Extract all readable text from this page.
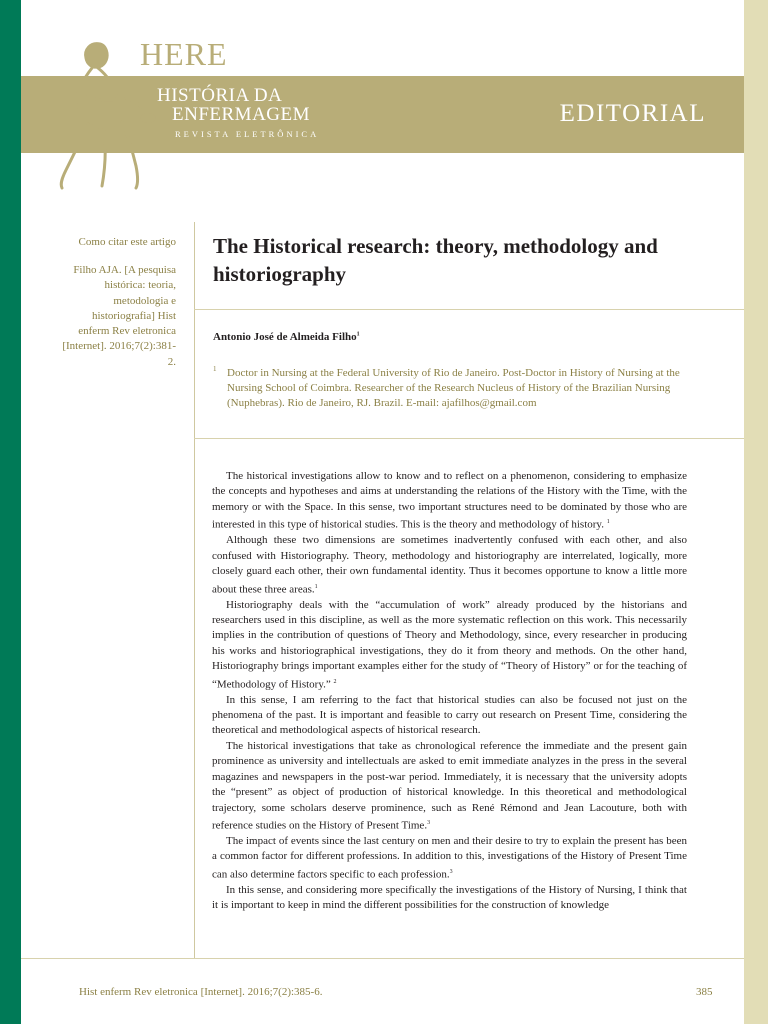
HERE
HISTÓRIA DA
ENFERMAGEM
REVISTA ELETRÔNICA
EDITORIAL
Como citar este artigo
Filho AJA. [A pesquisa histórica: teoria, metodologia e historiografia] Hist enferm Rev eletronica [Internet]. 2016;7(2):381-2.
The Historical research: theory, methodology and historiography
Antonio José de Almeida Filho$^1$
1 Doctor in Nursing at the Federal University of Rio de Janeiro. Post-Doctor in History of Nursing at the Nursing School of Coimbra. Researcher of the Research Nucleus of History of the Brazilian Nursing (Nuphebras). Rio de Janeiro, RJ. Brazil. E-mail: ajafilhos@gmail.com

The historical investigations allow to know and to reflect on a phenomenon, considering to emphasize the concepts and hypotheses and aims at understanding the relations of the History with the Time, with the memory or with the Space. In this sense, two important structures need to be dominated by those who are interested in this type of historical studies. This is the theory and methodology of history. $^1$

Although these two dimensions are sometimes inadvertently confused with each other, and also confused with Historiography. Theory, methodology and historiography are interrelated, logically, more closely guard each other, their own fundamental identity. Thus it becomes opportune to know a little more about these three areas.$^1$

Historiography deals with the “accumulation of work” already produced by the historians and researchers used in this discipline, as well as the more systematic reflection on this work. This necessarily implies in the contribution of questions of Theory and Methodology, since, every researcher in producing his works and historiographical investigations, they do it from theory and methods. On the other hand, Historiography brings important examples either for the study of “Theory of History” or for the teaching of “Methodology of History.” $^2$

In this sense, I am referring to the fact that historical studies can also be focused not just on the phenomena of the past. It is important and feasible to carry out research on Present Time, considering the theoretical and methodological aspects of historical research.

The historical investigations that take as chronological reference the immediate and the present gain prominence as university and intellectuals are asked to emit immediate analyzes in the press in the several magazines and newspapers in the post-war period. Immediately, it is necessary that the university adopts the “present” as object of production of historical knowledge. In this theoretical and methodological trajectory, some scholars deserve prominence, such as René Rémond and Jean Lacouture, both with reference studies on the History of Present Time.$^3$

The impact of events since the last century on men and their desire to try to explain the present has been a common factor for different professions. In addition to this, investigations of the History of Present Time can also determine factors specific to each profession.$^3$

In this sense, and considering more specifically the investigations of the History of Nursing, I think that it is important to keep in mind the different possibilities for the construction of knowledge

Hist enferm Rev eletronica [Internet]. 2016;7(2):385-6.	385
